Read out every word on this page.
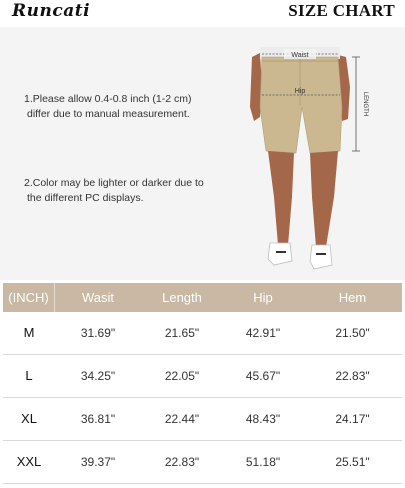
Runcati	SIZE CHART
1.Please allow 0.4-0.8 inch (1-2 cm)
differ due to manual measurement.
2.Color may be lighter or darker due to
the different PC displays.
Waist
Hip
LENGTH
(INCH)	Wasit	Length	Hip	Hem
M	31.69"	21.65"	42.91"	21.50"
L	34.25"	22.05"	45.67"	22.83"
XL	36.81"	22.44"	48.43"	24.17"
XXL	39.37"	22.83"	51.18"	25.51"
